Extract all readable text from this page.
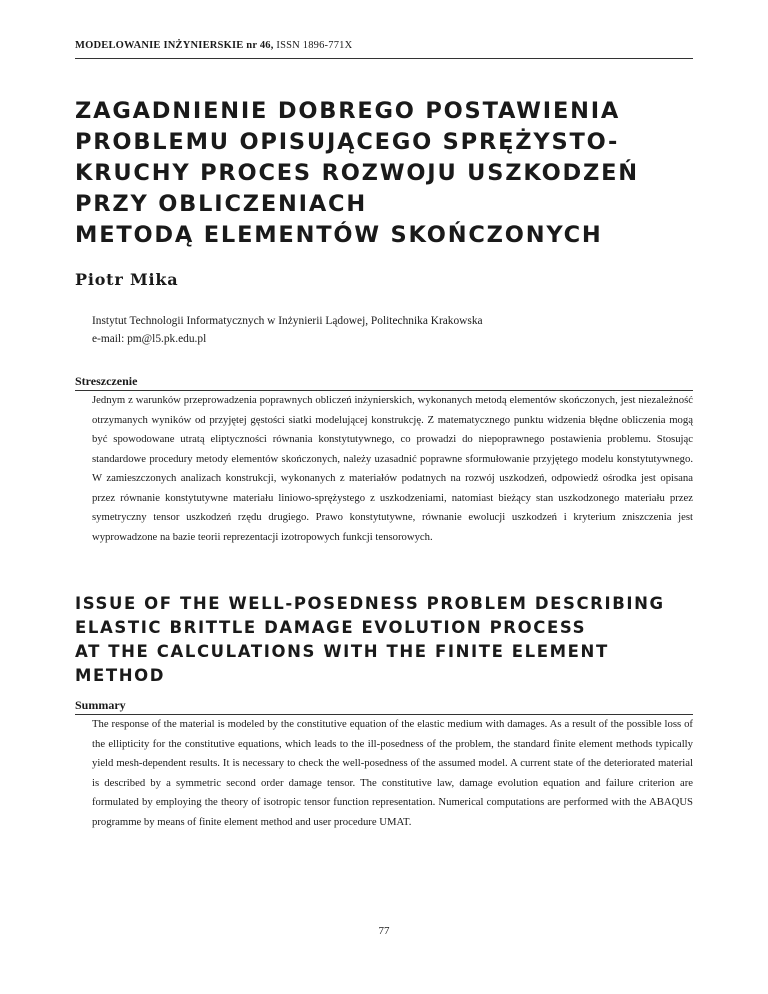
MODELOWANIE INŻYNIERSKIE nr 46, ISSN 1896-771X
ZAGADNIENIE DOBREGO POSTAWIENIA
PROBLEMU OPISUJĄCEGO SPRĘŻYSTO-
KRUCHY PROCES ROZWOJU USZKODZEŃ
PRZY OBLICZENIACH
METODĄ ELEMENTÓW SKOŃCZONYCH
Piotr Mika
Instytut Technologii Informatycznych w Inżynierii Lądowej, Politechnika Krakowska
e-mail: pm@l5.pk.edu.pl
Streszczenie

Jednym z warunków przeprowadzenia poprawnych obliczeń inżynierskich, wykonanych metodą elementów skończonych, jest niezależność otrzymanych wyników od przyjętej gęstości siatki modelującej konstrukcję. Z matematycznego punktu widzenia błędne obliczenia mogą być spowodowane utratą eliptyczności równania konstytutywnego, co prowadzi do niepoprawnego postawienia problemu. Stosując standardowe procedury metody elementów skończonych, należy uzasadnić poprawne sformułowanie przyjętego modelu konstytutywnego. W zamieszczonych analizach konstrukcji, wykonanych z materiałów podatnych na rozwój uszkodzeń, odpowiedź ośrodka jest opisana przez równanie konstytutywne materiału liniowo-sprężystego z uszkodzeniami, natomiast bieżący stan uszkodzonego materiału przez symetryczny tensor uszkodzeń rzędu drugiego. Prawo konstytutywne, równanie ewolucji uszkodzeń i kryterium zniszczenia jest wyprowadzone na bazie teorii reprezentacji izotropowych funkcji tensorowych.

ISSUE OF THE WELL-POSEDNESS PROBLEM DESCRIBING
ELASTIC BRITTLE DAMAGE EVOLUTION PROCESS
AT THE CALCULATIONS WITH THE FINITE ELEMENT
METHOD
Summary

The response of the material is modeled by the constitutive equation of the elastic medium with damages. As a result of the possible loss of the ellipticity for the constitutive equations, which leads to the ill-posedness of the problem, the standard finite element methods typically yield mesh-dependent results. It is necessary to check the well-posedness of the assumed model. A current state of the deteriorated material is described by a symmetric second order damage tensor. The constitutive law, damage evolution equation and failure criterion are formulated by employing the theory of isotropic tensor function representation. Numerical computations are performed with the ABAQUS programme by means of finite element method and user procedure UMAT.

77
